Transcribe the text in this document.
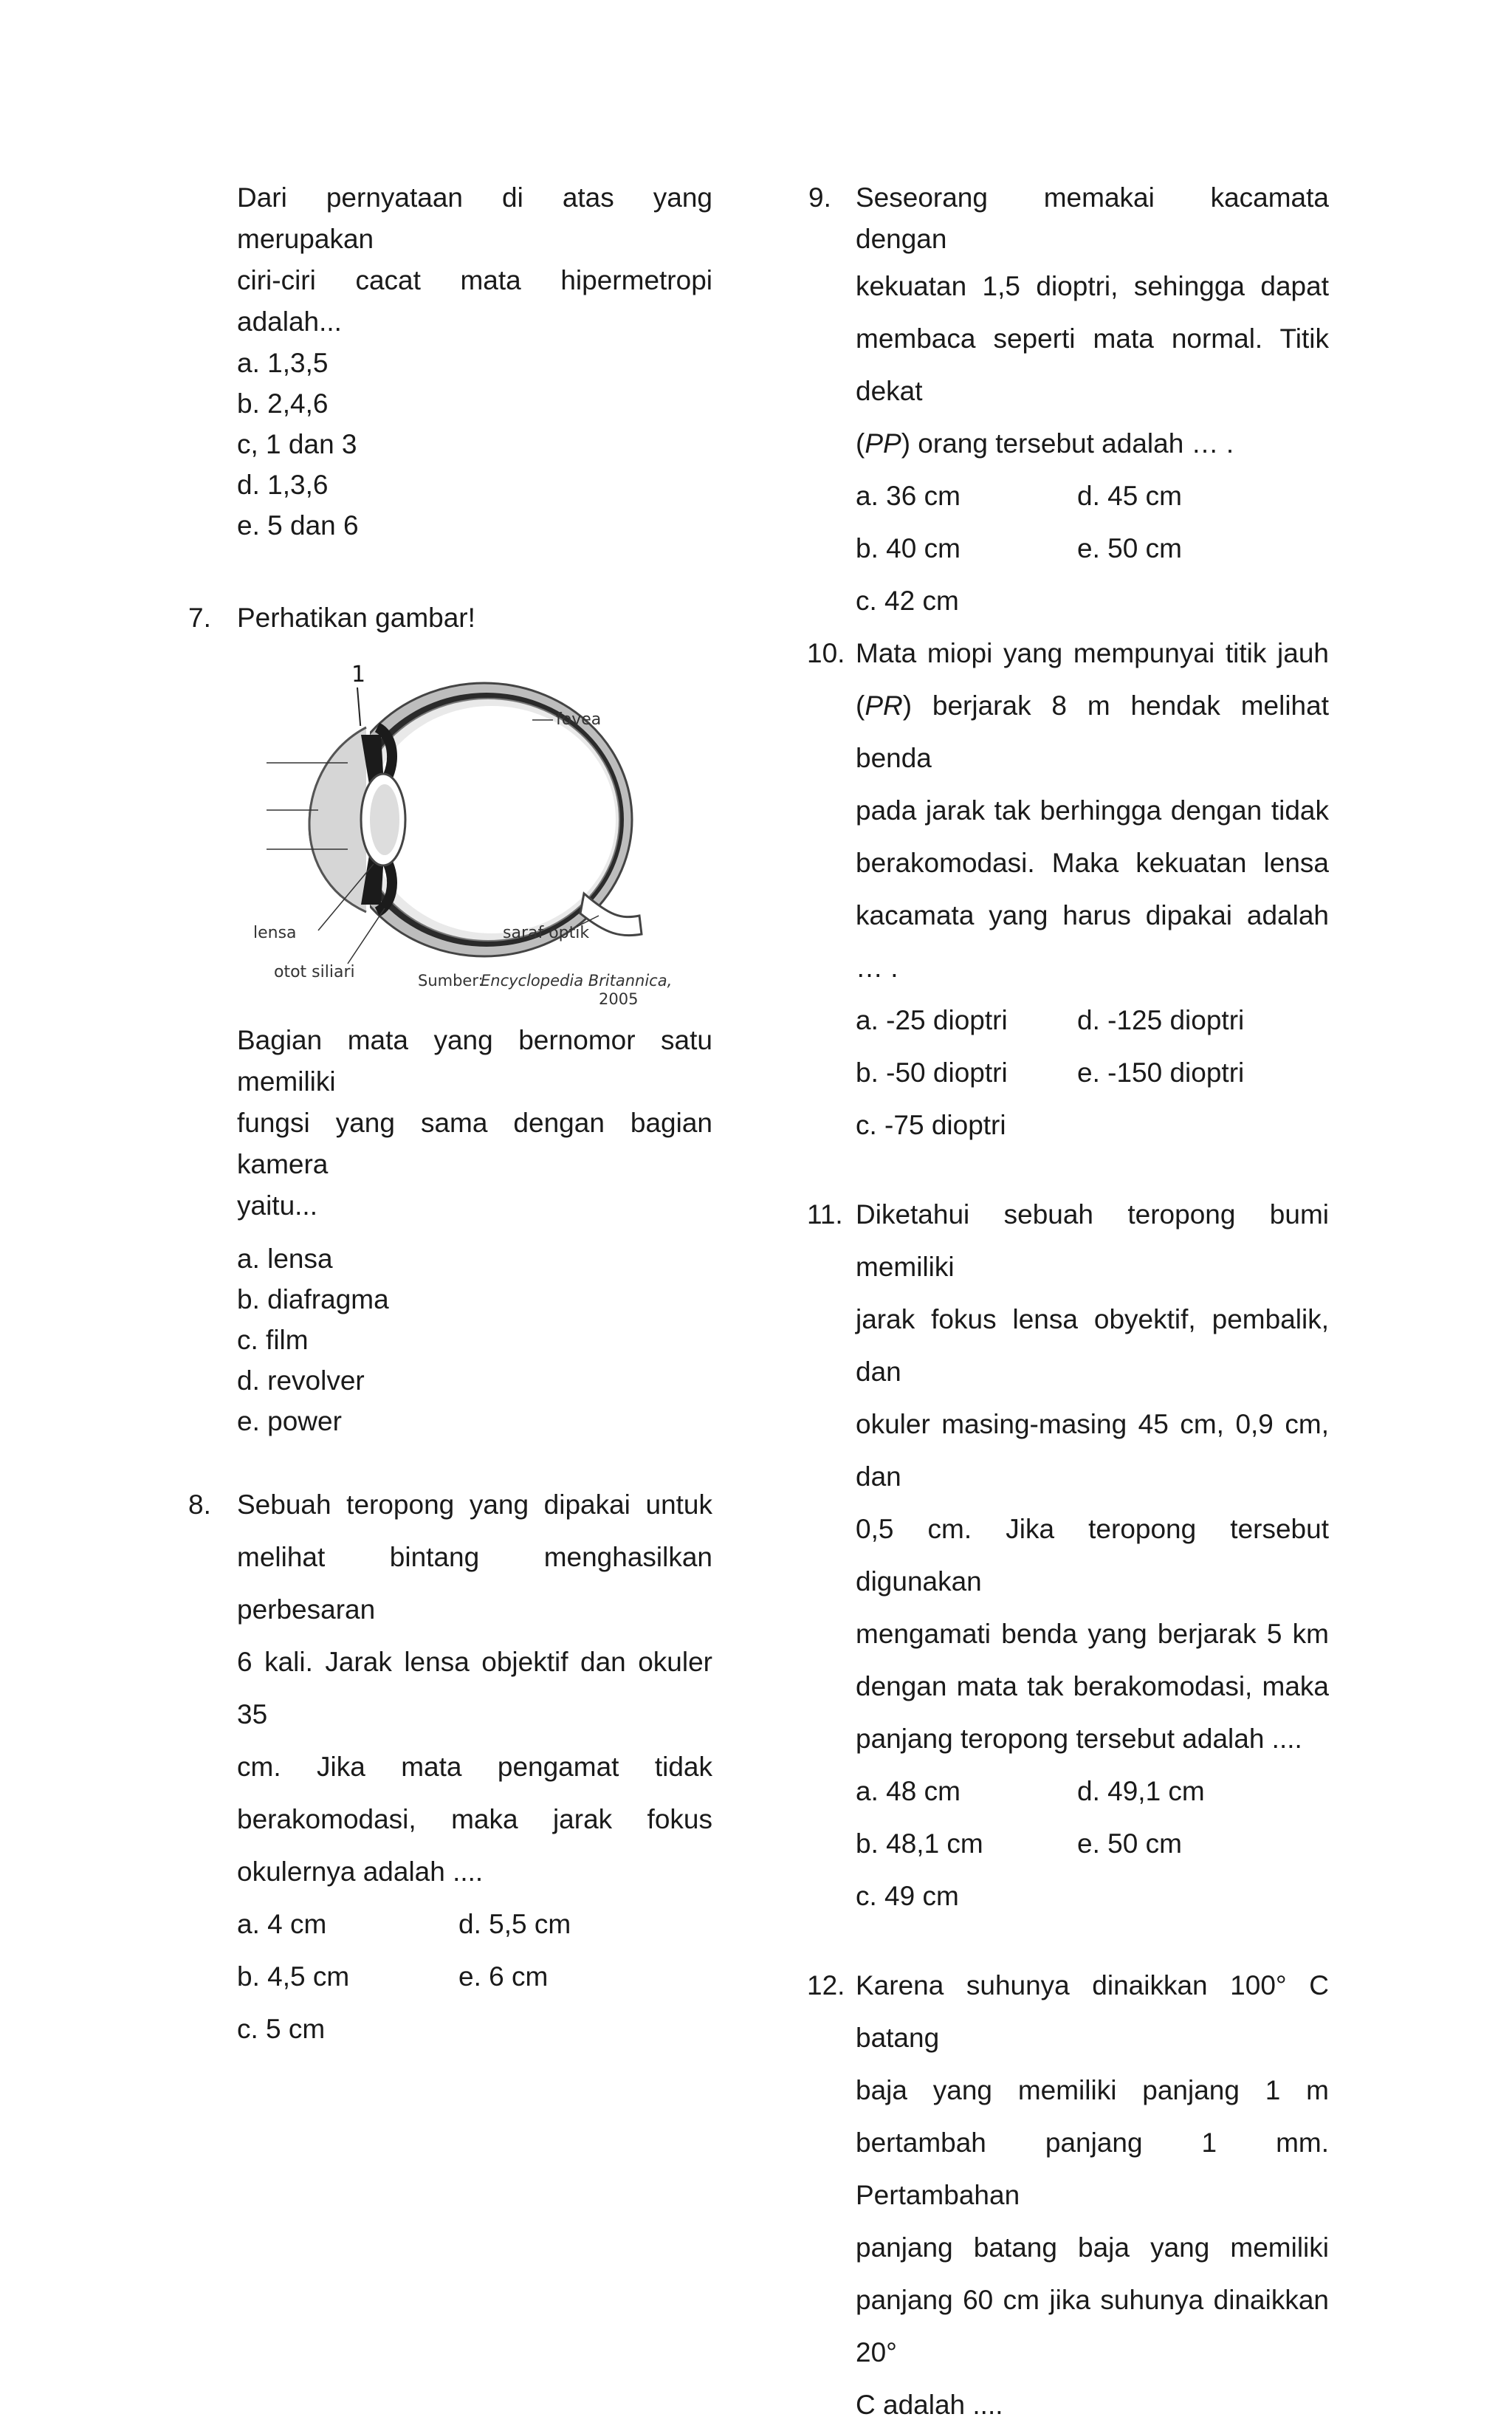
Dari pernyataan di atas yang merupakan

ciri-ciri cacat mata hipermetropi adalah...

a. 1,3,5

b. 2,4,6

c, 1 dan 3

d. 1,3,6

e. 5 dan 6

7. Perhatikan gambar!

1
fovea
lensa	saraf optik
otot siliari	Sumber:
Encyclopedia Britannica,
2005

Bagian mata yang bernomor satu memiliki

fungsi yang sama dengan bagian kamera

yaitu...

a. lensa

b. diafragma

c. film

d. revolver

e. power

8. Sebuah teropong yang dipakai untuk
melihat bintang menghasilkan perbesaran
6 kali. Jarak lensa objektif dan okuler 35
cm. Jika mata pengamat tidak
berakomodasi, maka jarak fokus
okulernya adalah ....
a. 4 cm	d. 5,5 cm
b. 4,5 cm	e. 6 cm
c. 5 cm
9. Seseorang memakai kacamata dengan
kekuatan 1,5 dioptri, sehingga dapat
membaca seperti mata normal. Titik dekat
(PP) orang tersebut adalah … .
a. 36 cm	d. 45 cm
b. 40 cm	e. 50 cm
c. 42 cm
10. Mata miopi yang mempunyai titik jauh
(PR) berjarak 8 m hendak melihat benda
pada jarak tak berhingga dengan tidak
berakomodasi. Maka kekuatan lensa
kacamata yang harus dipakai adalah … .
a. -25 dioptri	d. -125 dioptri
b. -50 dioptri	e. -150 dioptri
c. -75 dioptri
11. Diketahui sebuah teropong bumi memiliki
jarak fokus lensa obyektif, pembalik, dan
okuler masing-masing 45 cm, 0,9 cm, dan
0,5 cm. Jika teropong tersebut digunakan
mengamati benda yang berjarak 5 km
dengan mata tak berakomodasi, maka
panjang teropong tersebut adalah ....
a. 48 cm	d. 49,1 cm
b. 48,1 cm	e. 50 cm
c. 49 cm
12. Karena suhunya dinaikkan 100° C batang
baja yang memiliki panjang 1 m
bertambah panjang 1 mm. Pertambahan
panjang batang baja yang memiliki
panjang 60 cm jika suhunya dinaikkan 20°
C adalah ....
